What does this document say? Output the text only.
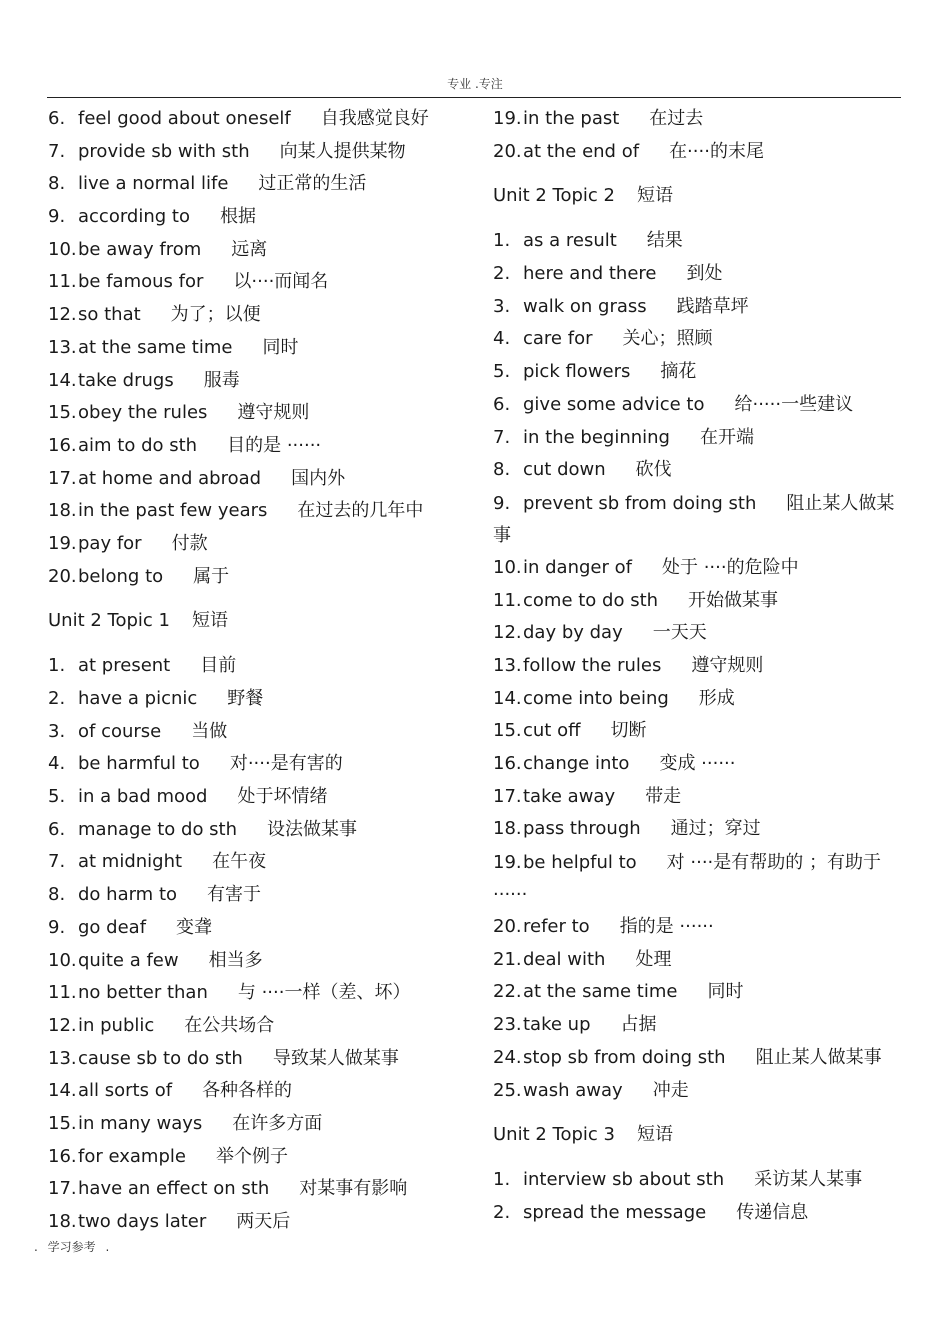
专业 .专注
6. feel good about oneself 自我感觉良好
7. provide sb with sth 向某人提供某物
8. live a normal life 过正常的生活
9. according to 根据
10.be away from 远离
11.be famous for 以····而闻名
12.so that 为了；以便
13.at the same time 同时
14.take drugs 服毒
15.obey the rules 遵守规则
16.aim to do sth 目的是 ······
17.at home and abroad 国内外
18.in the past few years 在过去的几年中
19.pay for 付款
20.belong to 属于
Unit 2 Topic 1 短语
1. at present 目前
2. have a picnic 野餐
3. of course 当做
4. be harmful to 对····是有害的
5. in a bad mood 处于坏情绪
6. manage to do sth 设法做某事
7. at midnight 在午夜
8. do harm to 有害于
9. go deaf 变聋
10.quite a few 相当多
11.no better than 与 ····一样（差、坏）
12.in public 在公共场合
13.cause sb to do sth 导致某人做某事
14.all sorts of 各种各样的
15.in many ways 在许多方面
16.for example 举个例子
17.have an effect on sth 对某事有影响
18.two days later 两天后
19.in the past 在过去
20.at the end of 在····的末尾
Unit 2 Topic 2 短语
1. as a result 结果
2. here and there 到处
3. walk on grass 践踏草坪
4. care for 关心；照顾
5. pick flowers 摘花
6. give some advice to 给·····一些建议
7. in the beginning 在开端
8. cut down 砍伐
9. prevent sb from doing sth 阻止某人做某事
10.in danger of 处于 ····的危险中
11.come to do sth 开始做某事
12.day by day 一天天
13.follow the rules 遵守规则
14.come into being 形成
15.cut off 切断
16.change into 变成 ······
17.take away 带走
18.pass through 通过；穿过
19.be helpful to 对 ····是有帮助的 ；有助于······
20.refer to 指的是 ······
21.deal with 处理
22.at the same time 同时
23.take up 占据
24.stop sb from doing sth 阻止某人做某事
25.wash away 冲走
Unit 2 Topic 3 短语
1. interview sb about sth 采访某人某事
2. spread the message 传递信息
. 学习参考 .
